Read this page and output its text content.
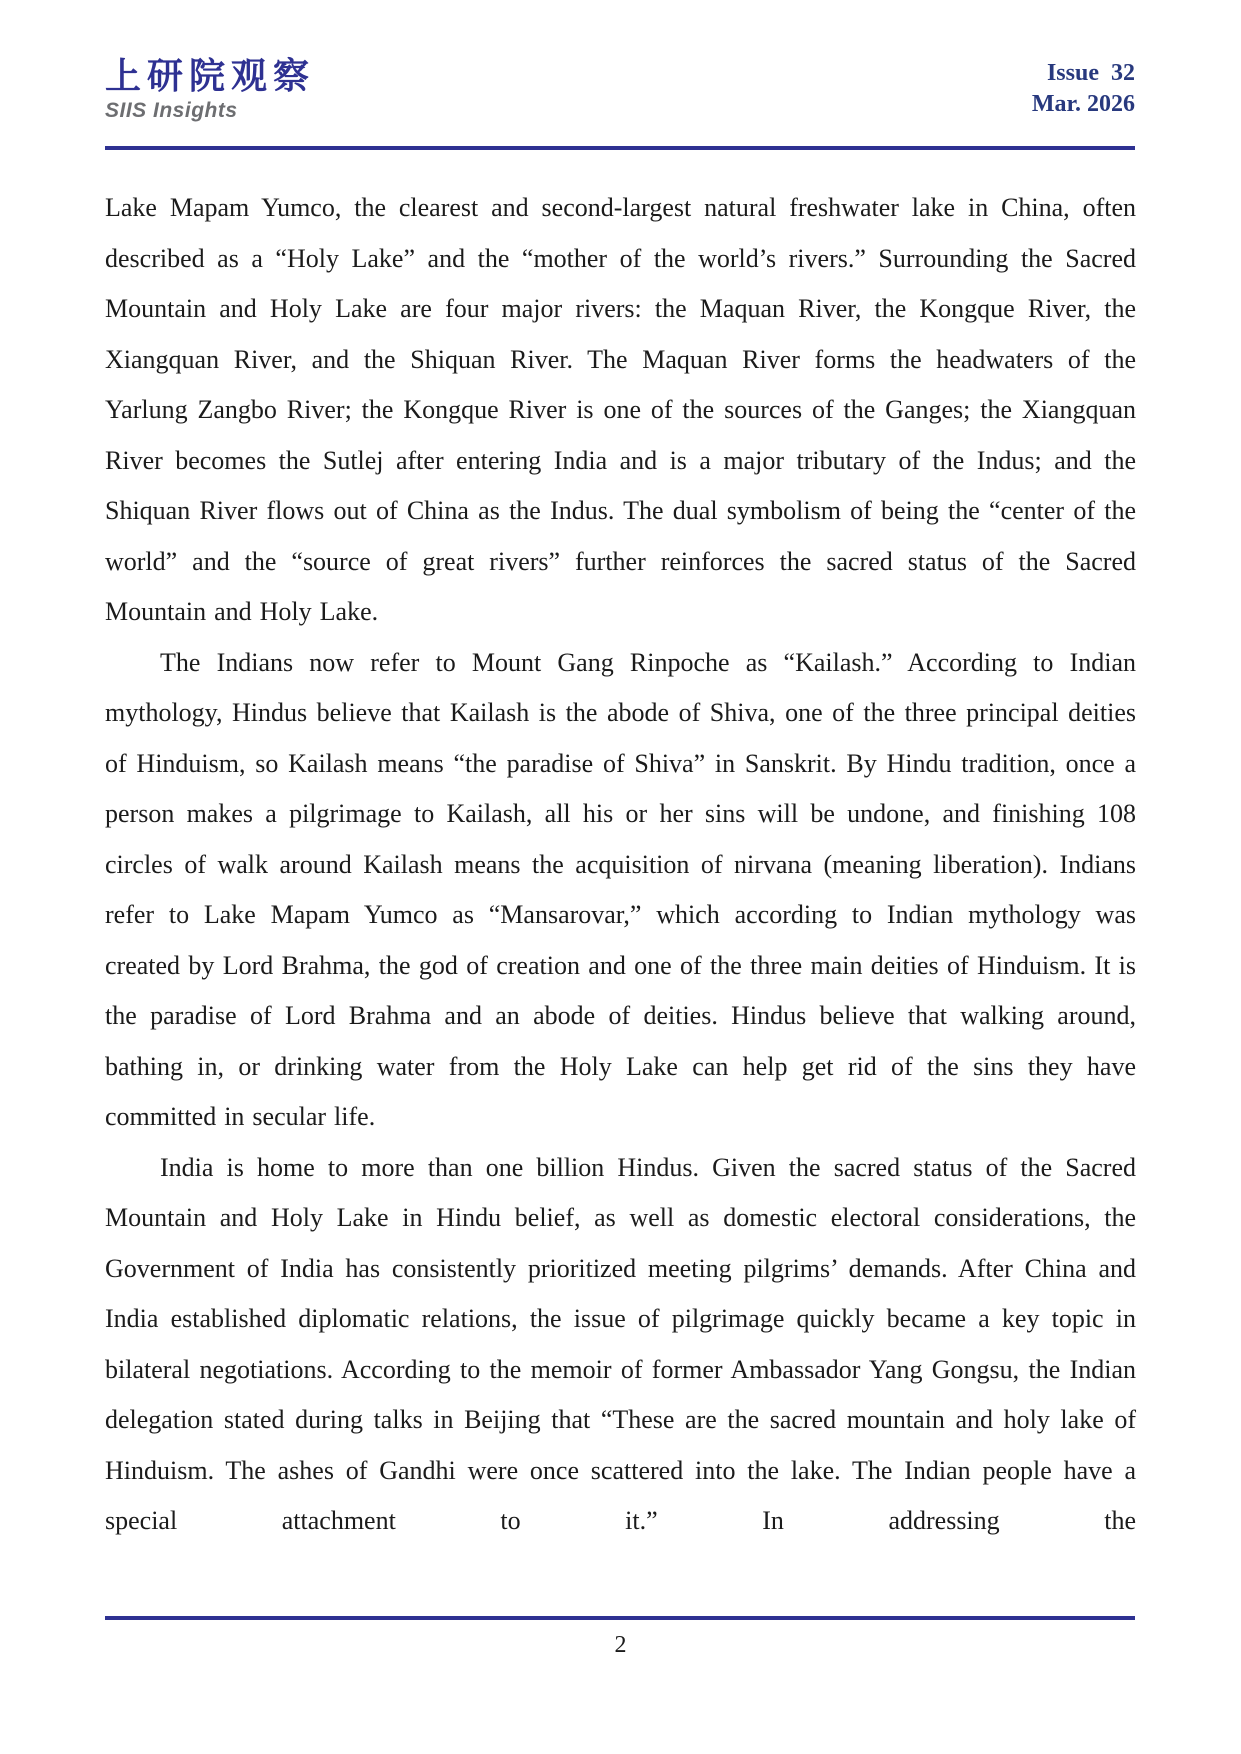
上研院观察
SIIS Insights
Issue  32
Mar. 2026

Lake Mapam Yumco, the clearest and second-largest natural freshwater lake in China, often described as a “Holy Lake” and the “mother of the world’s rivers.” Surrounding the Sacred Mountain and Holy Lake are four major rivers: the Maquan River, the Kongque River, the Xiangquan River, and the Shiquan River. The Maquan River forms the headwaters of the Yarlung Zangbo River; the Kongque River is one of the sources of the Ganges; the Xiangquan River becomes the Sutlej after entering India and is a major tributary of the Indus; and the Shiquan River flows out of China as the Indus. The dual symbolism of being the “center of the world” and the “source of great rivers” further reinforces the sacred status of the Sacred Mountain and Holy Lake.

The Indians now refer to Mount Gang Rinpoche as “Kailash.” According to Indian mythology, Hindus believe that Kailash is the abode of Shiva, one of the three principal deities of Hinduism, so Kailash means “the paradise of Shiva” in Sanskrit. By Hindu tradition, once a person makes a pilgrimage to Kailash, all his or her sins will be undone, and finishing 108 circles of walk around Kailash means the acquisition of nirvana (meaning liberation). Indians refer to Lake Mapam Yumco as “Mansarovar,” which according to Indian mythology was created by Lord Brahma, the god of creation and one of the three main deities of Hinduism. It is the paradise of Lord Brahma and an abode of deities. Hindus believe that walking around, bathing in, or drinking water from the Holy Lake can help get rid of the sins they have committed in secular life.

India is home to more than one billion Hindus. Given the sacred status of the Sacred Mountain and Holy Lake in Hindu belief, as well as domestic electoral considerations, the Government of India has consistently prioritized meeting pilgrims’ demands. After China and India established diplomatic relations, the issue of pilgrimage quickly became a key topic in bilateral negotiations. According to the memoir of former Ambassador Yang Gongsu, the Indian delegation stated during talks in Beijing that “These are the sacred mountain and holy lake of Hinduism. The ashes of Gandhi were once scattered into the lake. The Indian people have a special attachment to it.” In addressing the

2
